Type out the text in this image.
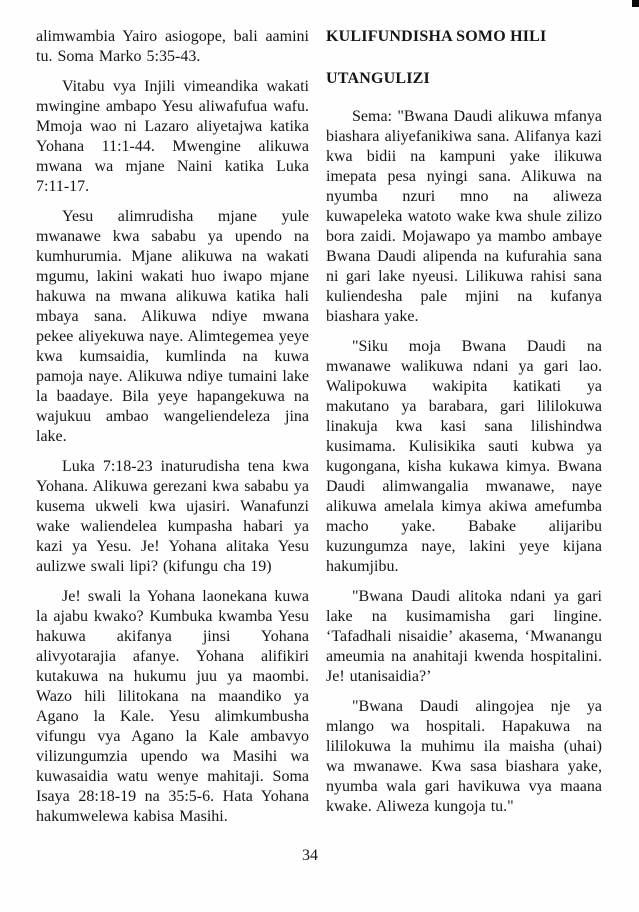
alimwambia Yairo asiogope, bali aamini tu. Soma Marko 5:35-43.

Vitabu vya Injili vimeandika wakati mwingine ambapo Yesu aliwafufua wafu. Mmoja wao ni Lazaro aliyetajwa katika Yohana 11:1-44. Mwengine alikuwa mwana wa mjane Naini katika Luka 7:11-17.

Yesu alimrudisha mjane yule mwanawe kwa sababu ya upendo na kumhurumia. Mjane alikuwa na wakati mgumu, lakini wakati huo iwapo mjane hakuwa na mwana alikuwa katika hali mbaya sana. Alikuwa ndiye mwana pekee aliyekuwa naye. Alimtegemea yeye kwa kumsaidia, kumlinda na kuwa pamoja naye. Alikuwa ndiye tumaini lake la baadaye. Bila yeye hapangekuwa na wajukuu ambao wangeliendeleza jina lake.

Luka 7:18-23 inaturudisha tena kwa Yohana. Alikuwa gerezani kwa sababu ya kusema ukweli kwa ujasiri. Wanafunzi wake waliendelea kumpasha habari ya kazi ya Yesu. Je! Yohana alitaka Yesu aulizwe swali lipi? (kifungu cha 19)

Je! swali la Yohana laonekana kuwa la ajabu kwako? Kumbuka kwamba Yesu hakuwa akifanya jinsi Yohana alivyotarajia afanye. Yohana alifikiri kutakuwa na hukumu juu ya maombi. Wazo hili lilitokana na maandiko ya Agano la Kale. Yesu alimkumbusha vifungu vya Agano la Kale ambavyo vilizungumzia upendo wa Masihi wa kuwasaidia watu wenye mahitaji. Soma Isaya 28:18-19 na 35:5-6. Hata Yohana hakumwelewa kabisa Masihi.

KULIFUNDISHA SOMO HILI
UTANGULIZI

Sema: "Bwana Daudi alikuwa mfanya biashara aliyefanikiwa sana. Alifanya kazi kwa bidii na kampuni yake ilikuwa imepata pesa nyingi sana. Alikuwa na nyumba nzuri mno na aliweza kuwapeleka watoto wake kwa shule zilizo bora zaidi. Mojawapo ya mambo ambaye Bwana Daudi alipenda na kufurahia sana ni gari lake nyeusi. Lilikuwa rahisi sana kuliendesha pale mjini na kufanya biashara yake.

"Siku moja Bwana Daudi na mwanawe walikuwa ndani ya gari lao. Walipokuwa wakipita katikati ya makutano ya barabara, gari lililokuwa linakuja kwa kasi sana lilishindwa kusimama. Kulisikika sauti kubwa ya kugongana, kisha kukawa kimya. Bwana Daudi alimwangalia mwanawe, naye alikuwa amelala kimya akiwa amefumba macho yake. Babake alijaribu kuzungumza naye, lakini yeye kijana hakumjibu.

"Bwana Daudi alitoka ndani ya gari lake na kusimamisha gari lingine. ‘Tafadhali nisaidie’ akasema, ‘Mwanangu ameumia na anahitaji kwenda hospitalini. Je! utanisaidia?’

"Bwana Daudi alingojea nje ya mlango wa hospitali. Hapakuwa na lililokuwa la muhimu ila maisha (uhai) wa mwanawe. Kwa sasa biashara yake, nyumba wala gari havikuwa vya maana kwake. Aliweza kungoja tu."

34
